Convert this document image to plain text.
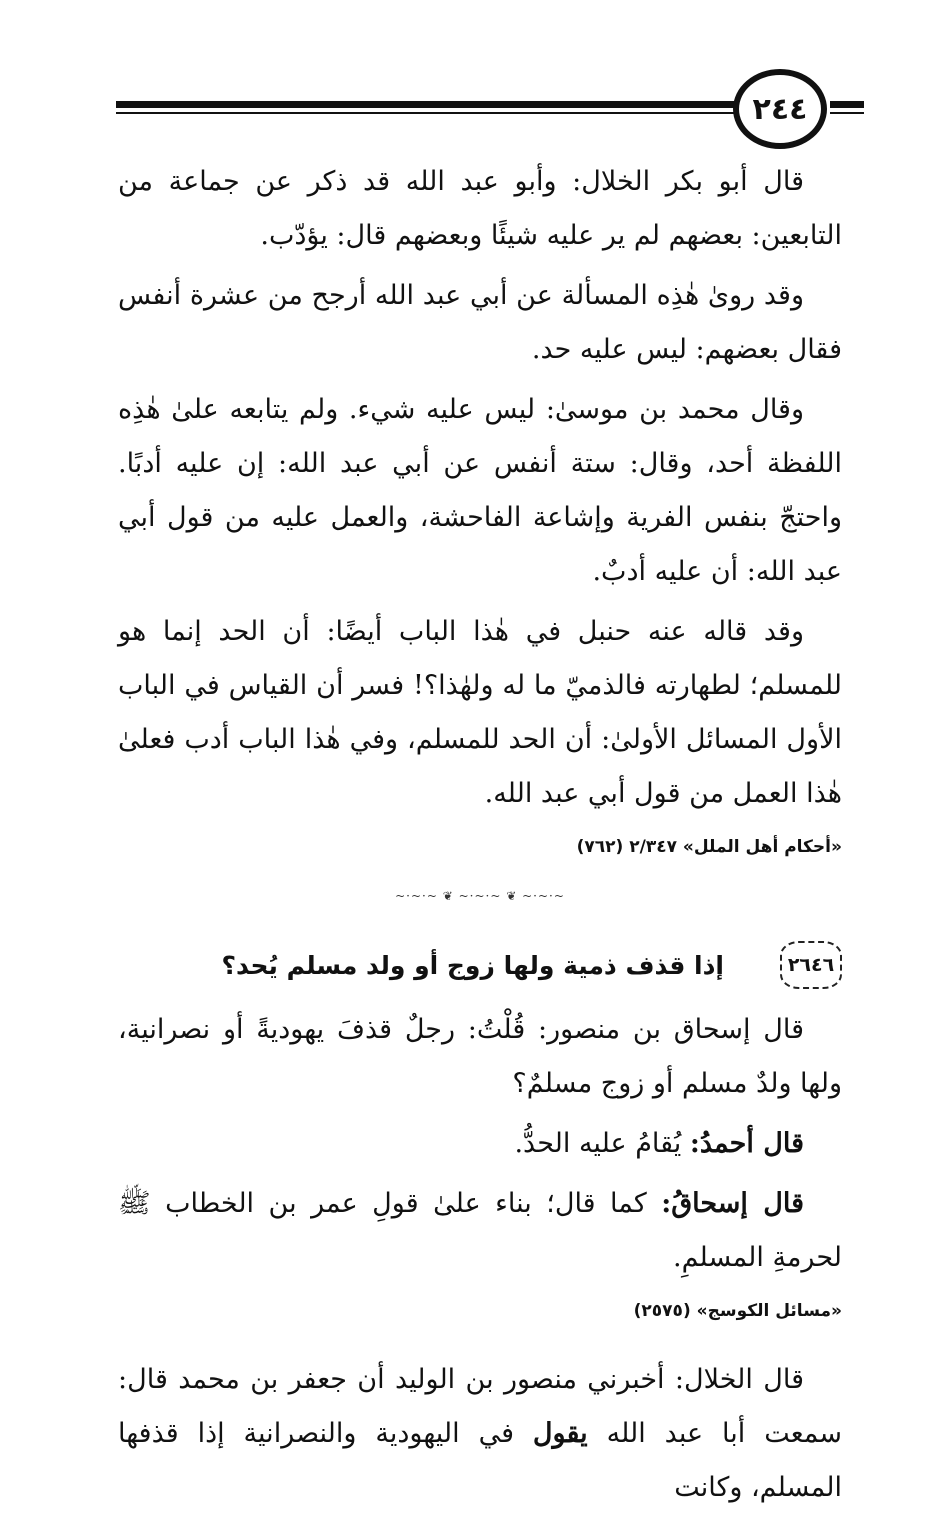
٢٤٤

قال أبو بكر الخلال: وأبو عبد الله قد ذكر عن جماعة من التابعين: بعضهم لم ير عليه شيئًا وبعضهم قال: يؤدّب.

وقد روىٰ هٰذِه المسألة عن أبي عبد الله أرجح من عشرة أنفس فقال بعضهم: ليس عليه حد.

وقال محمد بن موسىٰ: ليس عليه شيء. ولم يتابعه علىٰ هٰذِه اللفظة أحد، وقال: ستة أنفس عن أبي عبد الله: إن عليه أدبًا. واحتجّ بنفس الفرية وإشاعة الفاحشة، والعمل عليه من قول أبي عبد الله: أن عليه أدبٌ.

وقد قاله عنه حنبل في هٰذا الباب أيضًا: أن الحد إنما هو للمسلم؛ لطهارته فالذميّ ما له ولهٰذا؟! فسر أن القياس في الباب الأول المسائل الأولىٰ: أن الحد للمسلم، وفي هٰذا الباب أدب فعلىٰ هٰذا العمل من قول أبي عبد الله.

«أحكام أهل الملل» ٢/٣٤٧ (٧٦٢)
~·~·~ ❦ ~·~·~ ❦ ~·~·~
٢٦٤٦
إذا قذف ذمية ولها زوج أو ولد مسلم يُحد؟

قال إسحاق بن منصور: قُلْتُ: رجلٌ قذفَ يهوديةً أو نصرانية، ولها ولدٌ مسلم أو زوج مسلمٌ؟

قال أحمدُ: يُقامُ عليه الحدُّ.

قال إسحاقُ: كما قال؛ بناء علىٰ قولِ عمر بن الخطاب ﷺ لحرمةِ المسلمِ.

«مسائل الكوسج» (٢٥٧٥)

قال الخلال: أخبرني منصور بن الوليد أن جعفر بن محمد قال: سمعت أبا عبد الله يقول في اليهودية والنصرانية إذا قذفها المسلم، وكانت
